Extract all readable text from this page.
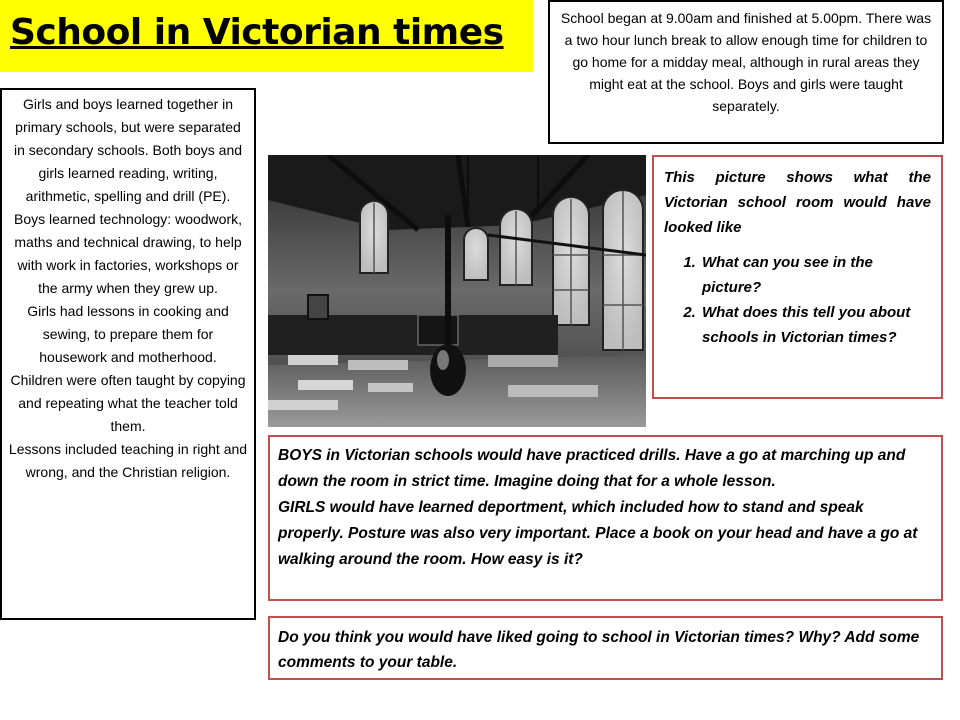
School in Victorian times	School began at 9.00am and finished at 5.00pm. There was a two hour lunch break to allow enough time for children to go home for a midday meal, although in rural areas they might eat at the school. Boys and girls were taught separately.

Girls and boys learned together in primary schools, but were separated in secondary schools. Both boys and girls learned reading, writing, arithmetic, spelling and drill (PE).

Boys learned technology: woodwork, maths and technical drawing, to help with work in factories, workshops or the army when they grew up.

Girls had lessons in cooking and sewing, to prepare them for housework and motherhood.

Children were often taught by copying and repeating what the teacher told them.

Lessons included teaching in right and wrong, and the Christian religion.

This picture shows what the Victorian school room would have looked like

1. What can you see in the picture?
2. What does this tell you about schools in Victorian times?

BOYS in Victorian schools would have practiced drills. Have a go at marching up and down the room in strict time. Imagine doing that for a whole lesson.

GIRLS would have learned deportment, which included how to stand and speak properly. Posture was also very important. Place a book on your head and have a go at walking around the room. How easy is it?

Do you think you would have liked going to school in Victorian times? Why? Add some comments to your table.
